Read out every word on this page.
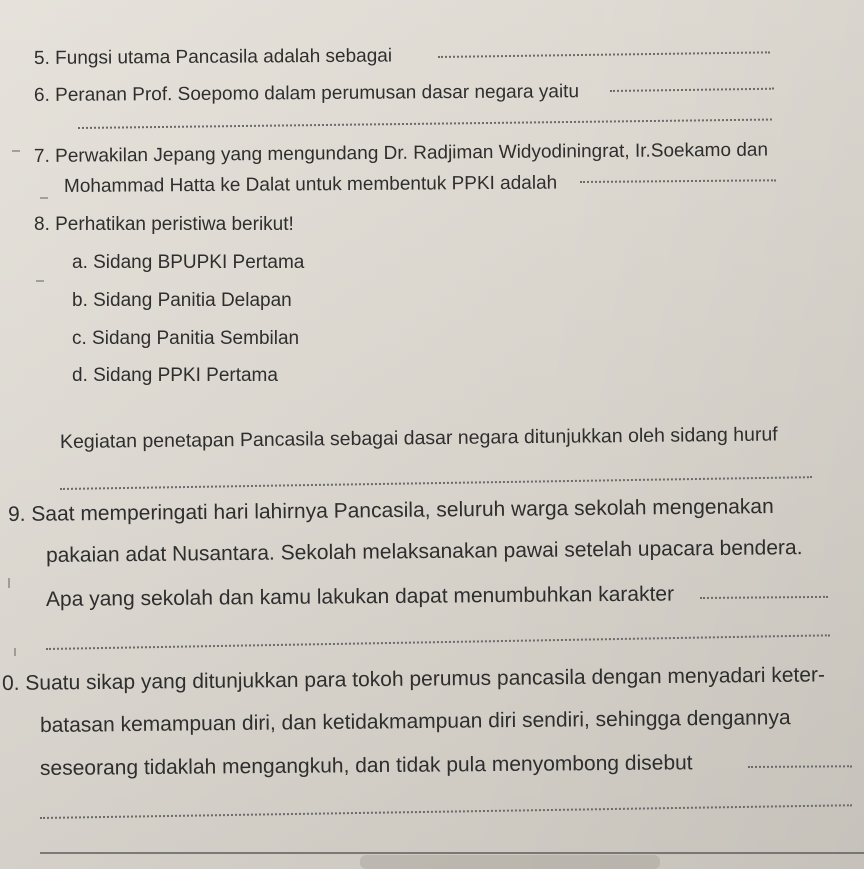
5. Fungsi utama Pancasila adalah sebagai
6. Peranan Prof. Soepomo dalam perumusan dasar negara yaitu
7. Perwakilan Jepang yang mengundang Dr. Radjiman Widyodiningrat, Ir.Soekamo dan
Mohammad Hatta ke Dalat untuk membentuk PPKI adalah
8. Perhatikan peristiwa berikut!
a. Sidang BPUPKI Pertama
b. Sidang Panitia Delapan
c. Sidang Panitia Sembilan
d. Sidang PPKI Pertama
Kegiatan penetapan Pancasila sebagai dasar negara ditunjukkan oleh sidang huruf
9. Saat memperingati hari lahirnya Pancasila, seluruh warga sekolah mengenakan
pakaian adat Nusantara. Sekolah melaksanakan pawai setelah upacara bendera.
Apa yang sekolah dan kamu lakukan dapat menumbuhkan karakter
0. Suatu sikap yang ditunjukkan para tokoh perumus pancasila dengan menyadari keter-
batasan kemampuan diri, dan ketidakmampuan diri sendiri, sehingga dengannya
seseorang tidaklah mengangkuh, dan tidak pula menyombong disebut
